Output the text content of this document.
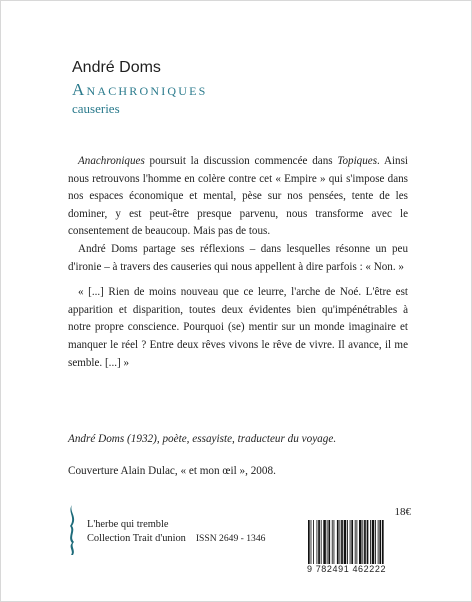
André Doms
Anachroniques
causeries

Anachroniques poursuit la discussion commencée dans Topiques. Ainsi nous retrouvons l'homme en colère contre cet « Empire » qui s'impose dans nos espaces économique et mental, pèse sur nos pensées, tente de les dominer, y est peut-être presque parvenu, nous transforme avec le consentement de beaucoup. Mais pas de tous.

André Doms partage ses réflexions – dans lesquelles résonne un peu d'ironie – à travers des causeries qui nous appellent à dire parfois : « Non. »

« [...] Rien de moins nouveau que ce leurre, l'arche de Noé. L'être est apparition et disparition, toutes deux évidentes bien qu'impénétrables à notre propre conscience. Pourquoi (se) mentir sur un monde imaginaire et manquer le réel ? Entre deux rêves vivons le rêve de vivre. Il avance, il me semble. [...] »

André Doms (1932), poète, essayiste, traducteur du voyage.
Couverture Alain Dulac, « et mon œil », 2008.
L'herbe qui tremble
Collection Trait d'union ISSN 2649 - 1346
18€
9 782491 462222
